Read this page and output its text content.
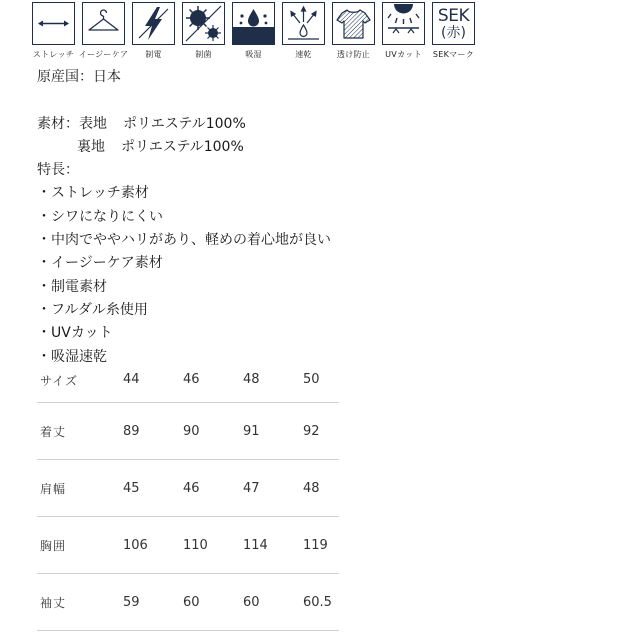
ストレッチ イージーケア 制電	制菌	吸湿	速乾	透け防止 UVカット
SEK
(赤)
SEKマーク
原産国：日本
素材：表地 ポリエステル100%
裏地 ポリエステル100%
特長：
・ストレッチ素材
・シワになりにくい
・中肉でややハリがあり、軽めの着心地が良い
・イージーケア素材
・制電素材
・フルダル糸使用
・UVカット
・吸湿速乾
サイズ	44	46	48	50
着丈	89	90	91	92
肩幅	45	46	47	48
胸囲	106	110	114	119
袖丈	59	60	60	60.5
